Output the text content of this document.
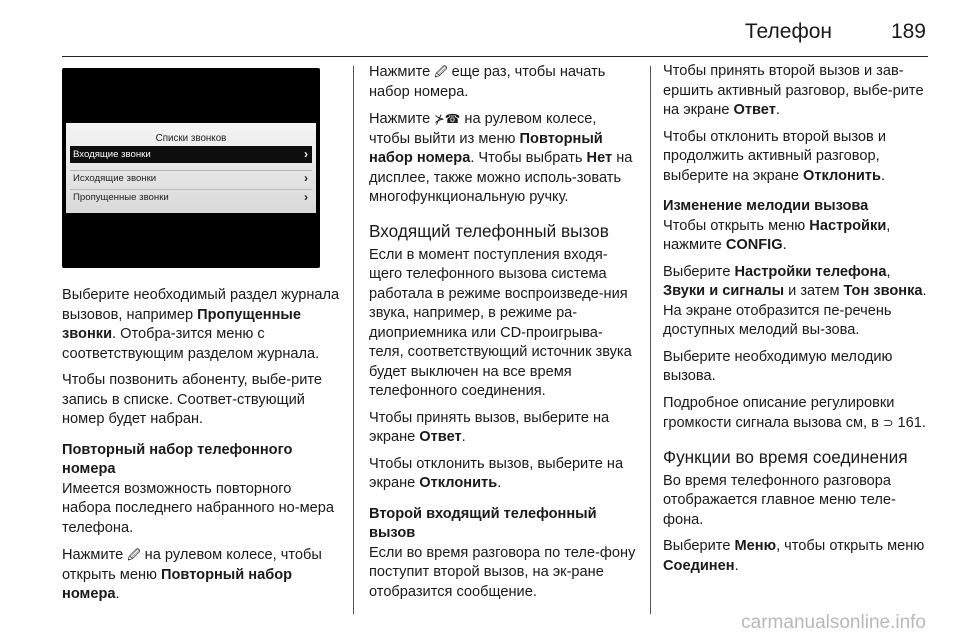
Телефон	189
Списки звонков
Входящие звонки	›
Исходящие звонки	›
Пропущенные звонки	›

Выберите необходимый раздел журнала вызовов, например Пропущенные звонки. Отобра-зится меню с соответствующим разделом журнала.

Чтобы позвонить абоненту, выбе-рите запись в списке. Соответ-ствующий номер будет набран.

Повторный набор телефонного номера

Имеется возможность повторного набора последнего набранного но-мера телефона.

Нажмите 🖉 на рулевом колесе, чтобы открыть меню Повторный набор номера.

Нажмите 🖉 еще раз, чтобы начать набор номера.

Нажмите ⊁☎ на рулевом колесе, чтобы выйти из меню Повторный набор номера. Чтобы выбрать Нет на дисплее, также можно исполь-зовать многофункциональную ручку.

Входящий телефонный вызов

Если в момент поступления входя-щего телефонного вызова система работала в режиме воспроизведе-ния звука, например, в режиме ра-диоприемника или CD-проигрыва-теля, соответствующий источник звука будет выключен на все время телефонного соединения.

Чтобы принять вызов, выберите на экране Ответ.

Чтобы отклонить вызов, выберите на экране Отклонить.

Второй входящий телефонный вызов

Если во время разговора по теле-фону поступит второй вызов, на эк-ране отобразится сообщение.

Чтобы принять второй вызов и зав-ершить активный разговор, выбе-рите на экране Ответ.

Чтобы отклонить второй вызов и продолжить активный разговор, выберите на экране Отклонить.

Изменение мелодии вызова

Чтобы открыть меню Настройки, нажмите CONFIG.

Выберите Настройки телефона, Звуки и сигналы и затем Тон звонка. На экране отобразится пе-речень доступных мелодий вы-зова.

Выберите необходимую мелодию вызова.

Подробное описание регулировки громкости сигнала вызова см, в ⊃ 161.

Функции во время соединения

Во время телефонного разговора отображается главное меню теле-фона.

Выберите Меню, чтобы открыть меню Соединен.

carmanualsonline.info
